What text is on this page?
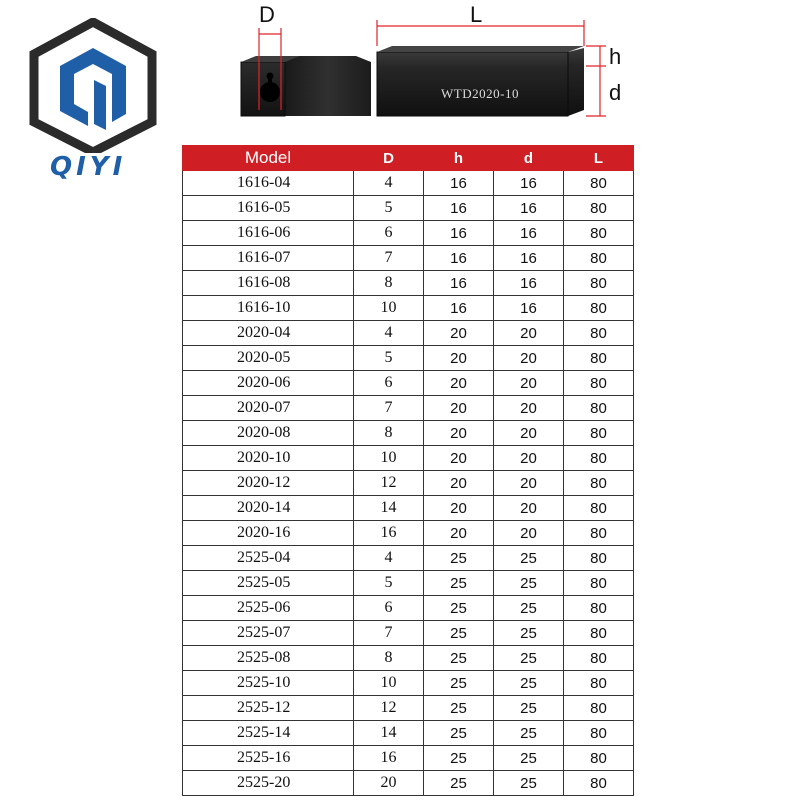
QIYI
D	L
h
d
WTD2020-10
Model	D	h	d	L
1616-04	4	16	16	80
1616-05	5	16	16	80
1616-06	6	16	16	80
1616-07	7	16	16	80
1616-08	8	16	16	80
1616-10	10	16	16	80
2020-04	4	20	20	80
2020-05	5	20	20	80
2020-06	6	20	20	80
2020-07	7	20	20	80
2020-08	8	20	20	80
2020-10	10	20	20	80
2020-12	12	20	20	80
2020-14	14	20	20	80
2020-16	16	20	20	80
2525-04	4	25	25	80
2525-05	5	25	25	80
2525-06	6	25	25	80
2525-07	7	25	25	80
2525-08	8	25	25	80
2525-10	10	25	25	80
2525-12	12	25	25	80
2525-14	14	25	25	80
2525-16	16	25	25	80
2525-20	20	25	25	80
